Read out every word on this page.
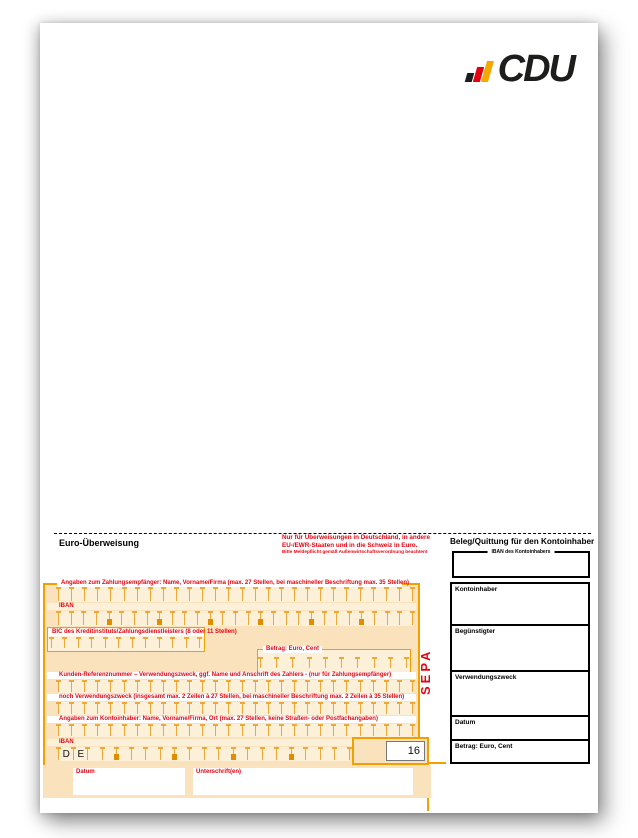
CDU
Euro-Überweisung
Nur für Überweisungen in Deutschland, in andere
EU-/EWR-Staaten und in die Schweiz in Euro.
Bitte Meldepflicht gemäß Außenwirtschaftsverordnung beachten!
Beleg/Quittung für den Kontoinhaber
IBAN des Kontoinhabers
Kontoinhaber
Begünstigter
Verwendungszweck
Datum
Betrag: Euro, Cent
Angaben zum Zahlungsempfänger: Name, Vorname/Firma (max. 27 Stellen, bei maschineller Beschriftung max. 35 Stellen)
IBAN
BIC des Kreditinstituts/Zahlungsdienstleisters (8 oder 11 Stellen)
Betrag: Euro, Cent
Kunden-Referenznummer – Verwendungszweck, ggf. Name und Anschrift des Zahlers - (nur für Zahlungsempfänger)
noch Verwendungszweck (insgesamt max. 2 Zeilen à 27 Stellen, bei maschineller Beschriftung max. 2 Zeilen à 35 Stellen)
Angaben zum Kontoinhaber: Name, Vorname/Firma, Ort (max. 27 Stellen, keine Straßen- oder Postfachangaben)
IBAN
D E	16
SEPA
Datum	Unterschrift(en)
